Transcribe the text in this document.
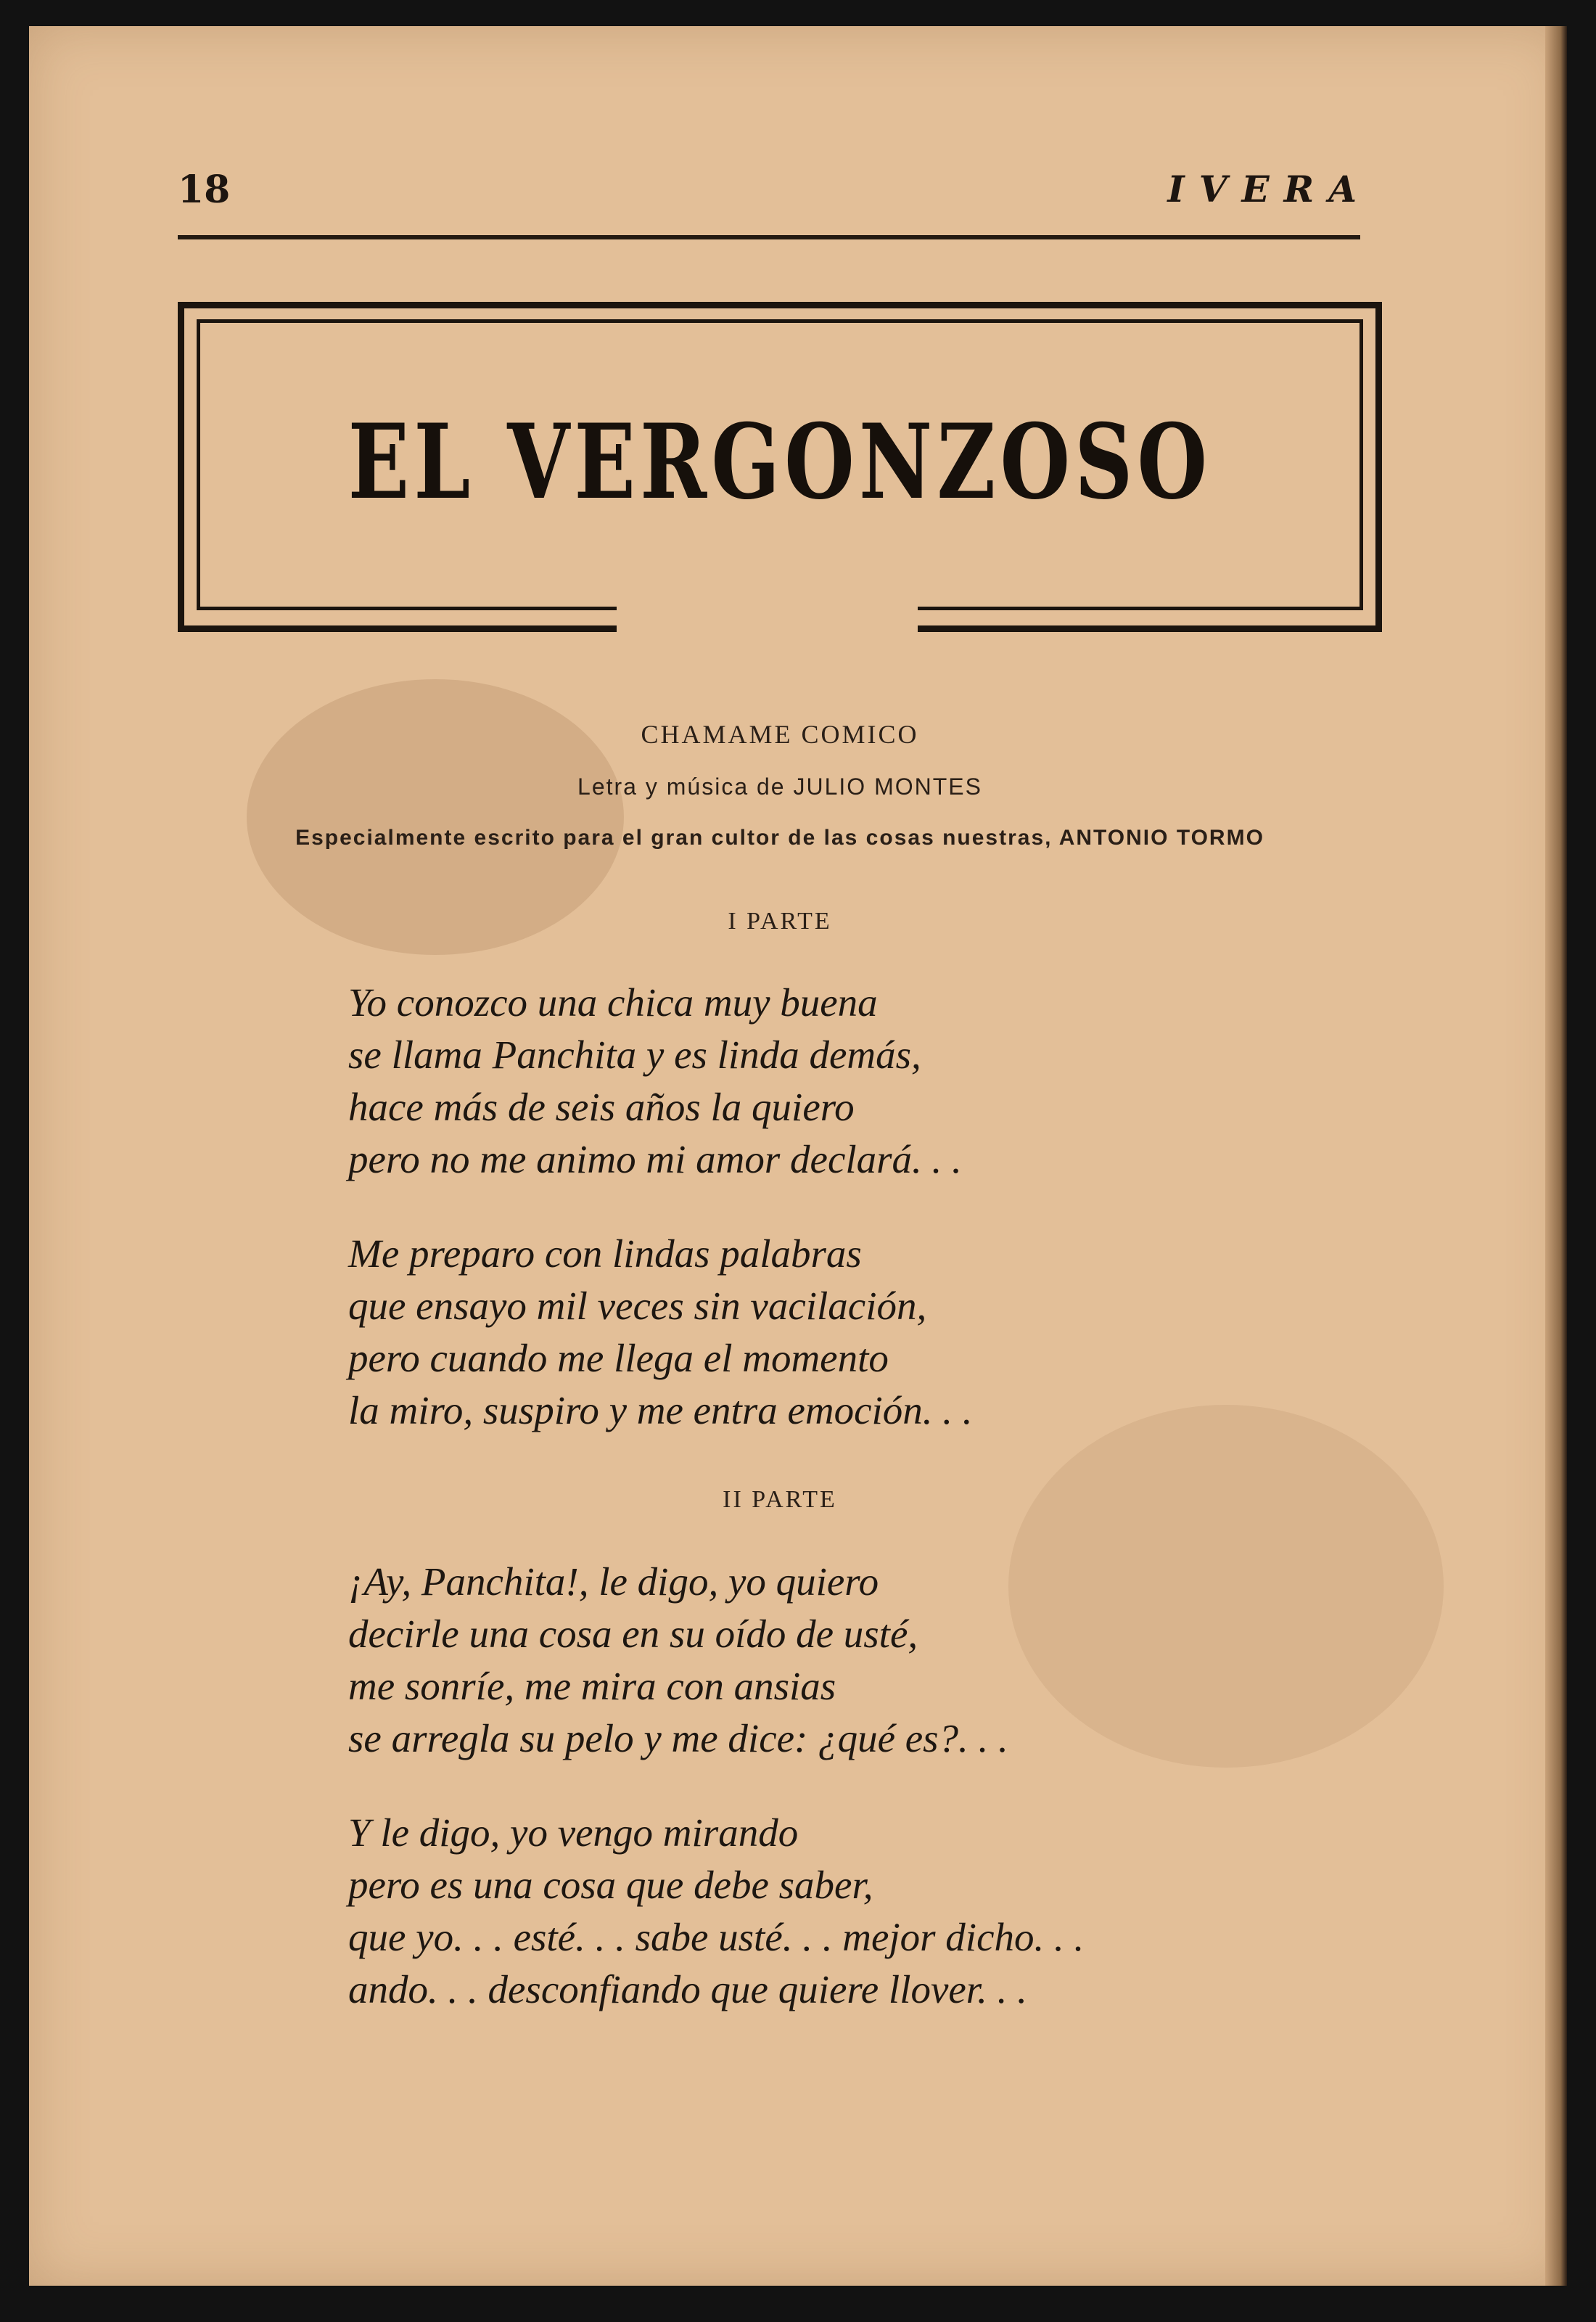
18	IVERA
EL VERGONZOSO
CHAMAME COMICO
Letra y música de JULIO MONTES
Especialmente escrito para el gran cultor de las cosas nuestras, ANTONIO TORMO
I PARTE
Yo conozco una chica muy buena
se llama Panchita y es linda demás,
hace más de seis años la quiero
pero no me animo mi amor declará. . .
Me preparo con lindas palabras
que ensayo mil veces sin vacilación,
pero cuando me llega el momento
la miro, suspiro y me entra emoción. . .
II PARTE
¡Ay, Panchita!, le digo, yo quiero
decirle una cosa en su oído de usté,
me sonríe, me mira con ansias
se arregla su pelo y me dice: ¿qué es?. . .
Y le digo, yo vengo mirando
pero es una cosa que debe saber,
que yo. . . esté. . . sabe usté. . . mejor dicho. . .
ando. . . desconfiando que quiere llover. . .
